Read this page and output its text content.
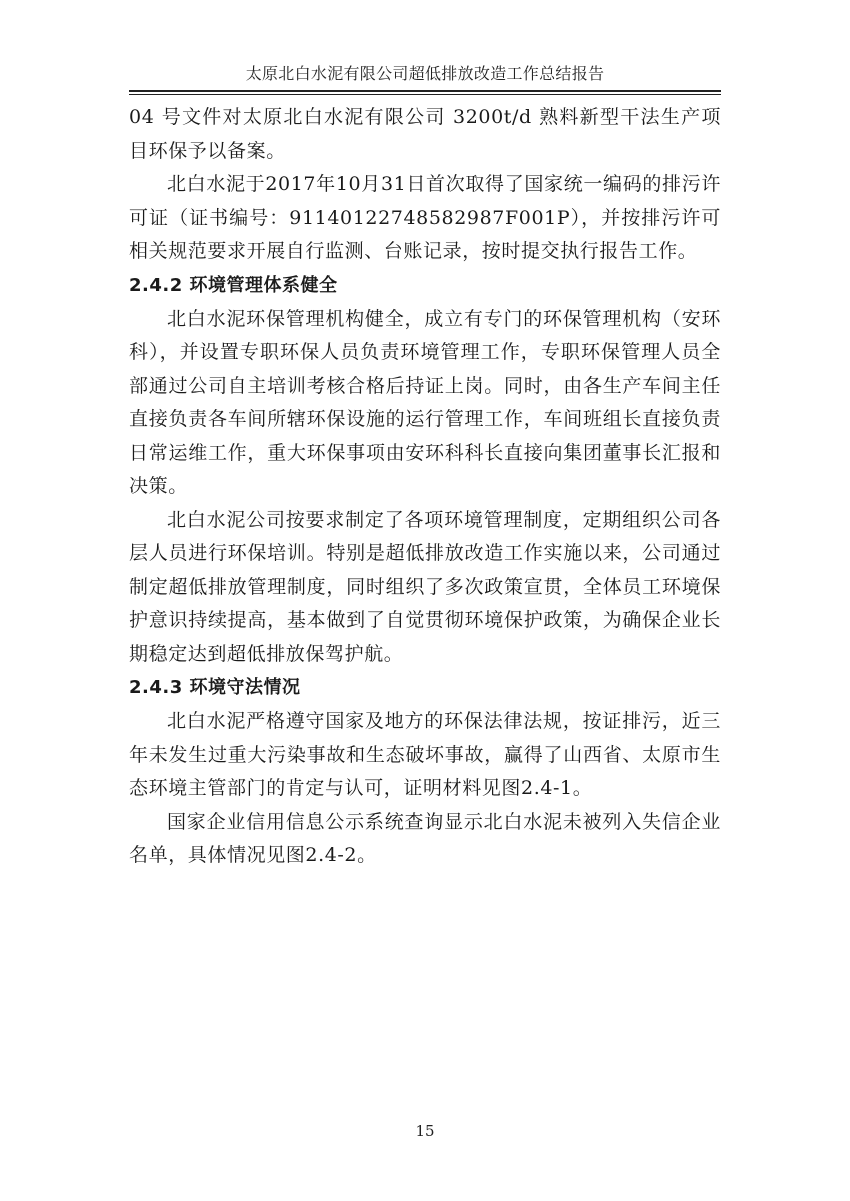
太原北白水泥有限公司超低排放改造工作总结报告

04 号文件对太原北白水泥有限公司 3200t/d 熟料新型干法生产项目环保予以备案。

北白水泥于2017年10月31日首次取得了国家统一编码的排污许可证（证书编号：91140122748582987F001P），并按排污许可相关规范要求开展自行监测、台账记录，按时提交执行报告工作。

2.4.2 环境管理体系健全

北白水泥环保管理机构健全，成立有专门的环保管理机构（安环科），并设置专职环保人员负责环境管理工作，专职环保管理人员全部通过公司自主培训考核合格后持证上岗。同时，由各生产车间主任直接负责各车间所辖环保设施的运行管理工作，车间班组长直接负责日常运维工作，重大环保事项由安环科科长直接向集团董事长汇报和决策。

北白水泥公司按要求制定了各项环境管理制度，定期组织公司各层人员进行环保培训。特别是超低排放改造工作实施以来，公司通过制定超低排放管理制度，同时组织了多次政策宣贯，全体员工环境保护意识持续提高，基本做到了自觉贯彻环境保护政策，为确保企业长期稳定达到超低排放保驾护航。

2.4.3 环境守法情况

北白水泥严格遵守国家及地方的环保法律法规，按证排污，近三年未发生过重大污染事故和生态破坏事故，赢得了山西省、太原市生态环境主管部门的肯定与认可，证明材料见图2.4-1。

国家企业信用信息公示系统查询显示北白水泥未被列入失信企业名单，具体情况见图2.4-2。

15
